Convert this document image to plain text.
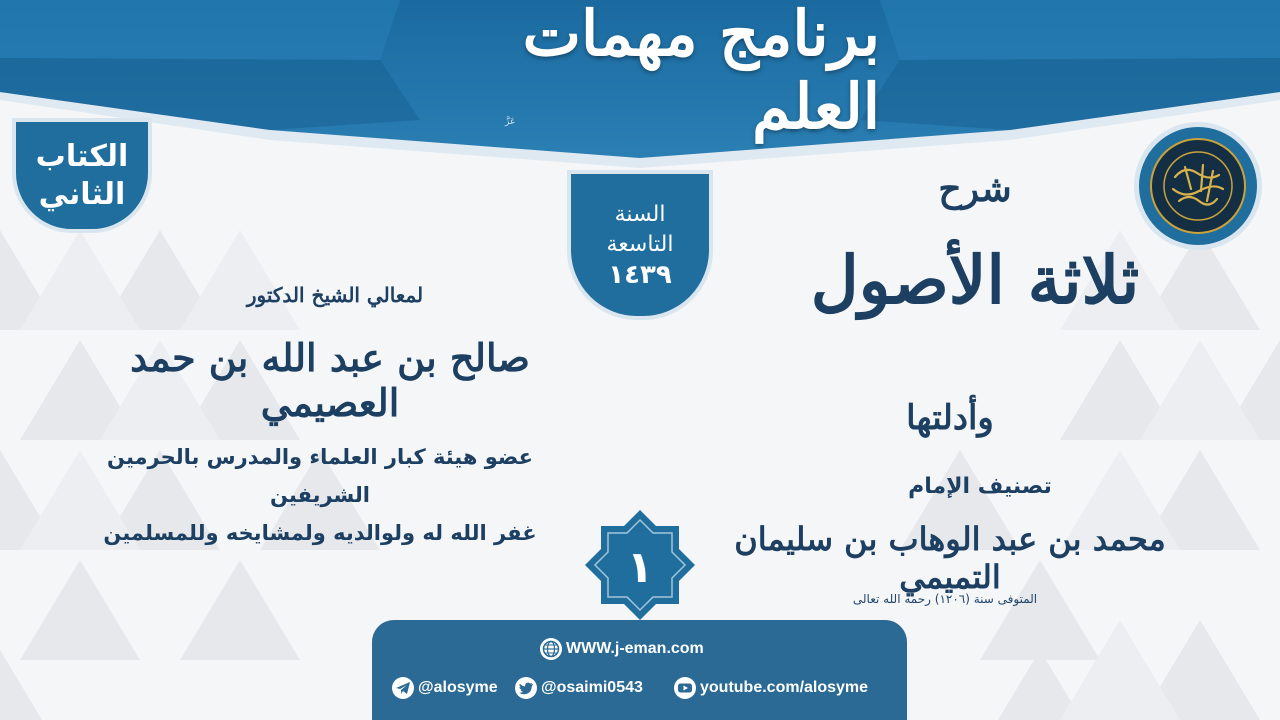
برنامج مهمات العلم
عَزَّ
الكتاب
الثاني
السنة
التاسعة
١٤٣٩
شرح
ثلاثة الأصول
وأدلتها
تصنيف الإمام
محمد بن عبد الوهاب بن سليمان التميمي
المتوفى سنة (١٢٠٦) رحمه الله تعالى
لمعالي الشيخ الدكتور
صالح بن عبد الله بن حمد العصيمي
عضو هيئة كبار العلماء والمدرس بالحرمين الشريفين
غفر الله له ولوالديه ولمشايخه وللمسلمين
١
WWW.j-eman.com
@alosyme	@osaimi0543	youtube.com/alosyme
